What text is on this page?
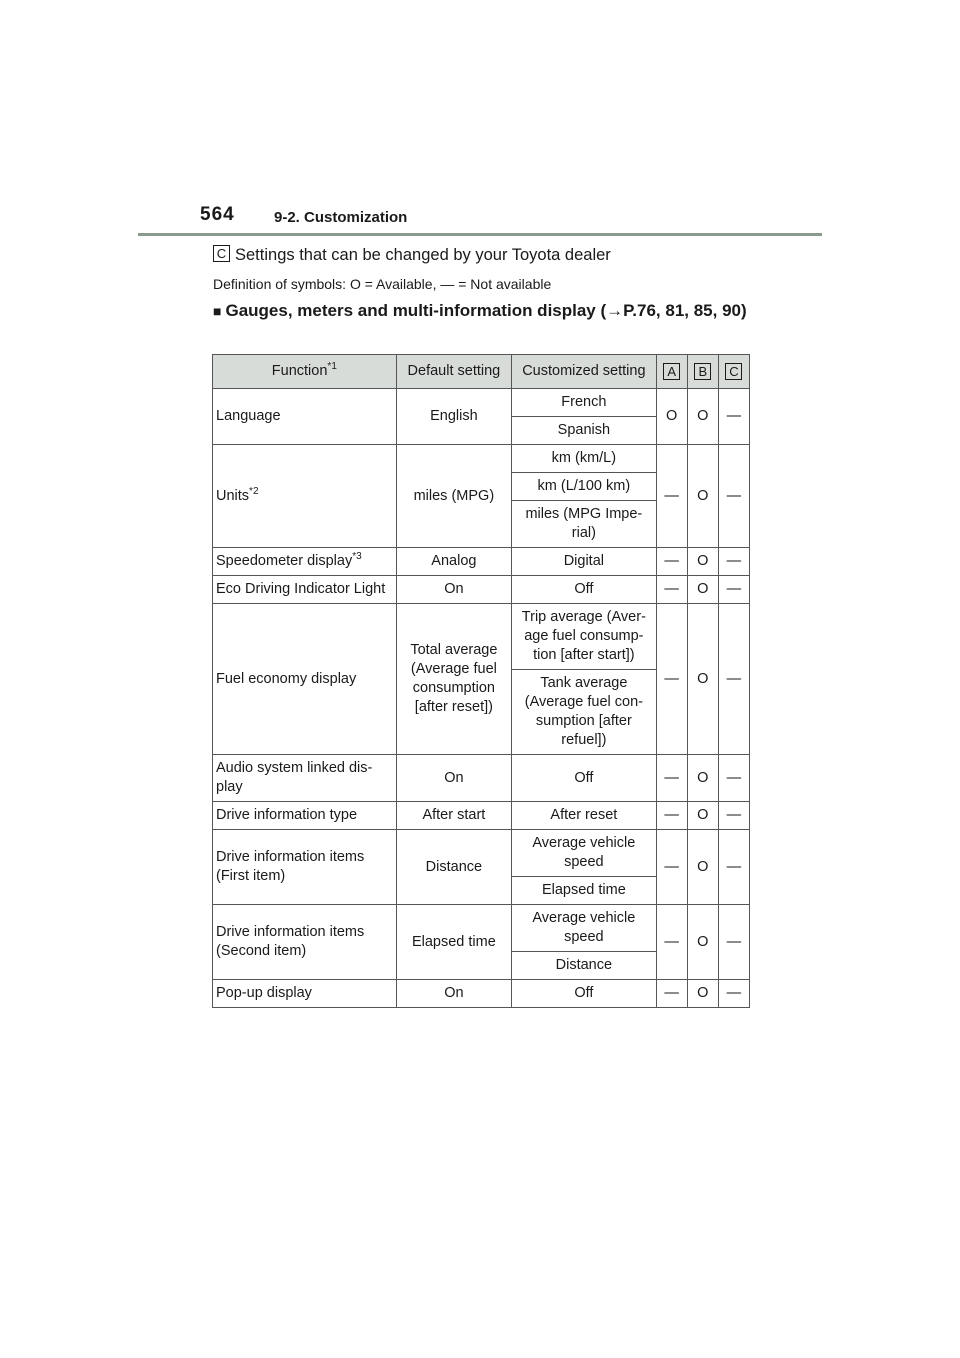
564	9-2. Customization
C Settings that can be changed by your Toyota dealer
Definition of symbols: O = Available, — = Not available
■ Gauges, meters and multi-information display (→P.76, 81, 85, 90)
Function$^{*1}$	Default setting	Customized setting	A	B	C
Language	English	French	O	O	—
		Spanish			
Units$^{*2}$	miles (MPG)	km (km/L)	—	O	—
		km (L/100 km)			
		miles (MPG Impe-
rial)			
Speedometer display$^{*3}$	Analog	Digital	—	O	—
Eco Driving Indicator Light	On	Off	—	O	—
Fuel economy display	Total average (Average fuel consumption [after reset])	Trip average (Aver-
age fuel consump-
tion [after start])	—	O	—
		Tank average
(Average fuel con-
sumption [after
refuel])			
Audio system linked dis-
play	On	Off	—	O	—
Drive information type	After start	After reset	—	O	—
Drive information items
(First item)	Distance	Average vehicle
speed	—	O	—
		Elapsed time			
Drive information items
(Second item)	Elapsed time	Average vehicle
speed	—	O	—
		Distance			
Pop-up display	On	Off	—	O	—
